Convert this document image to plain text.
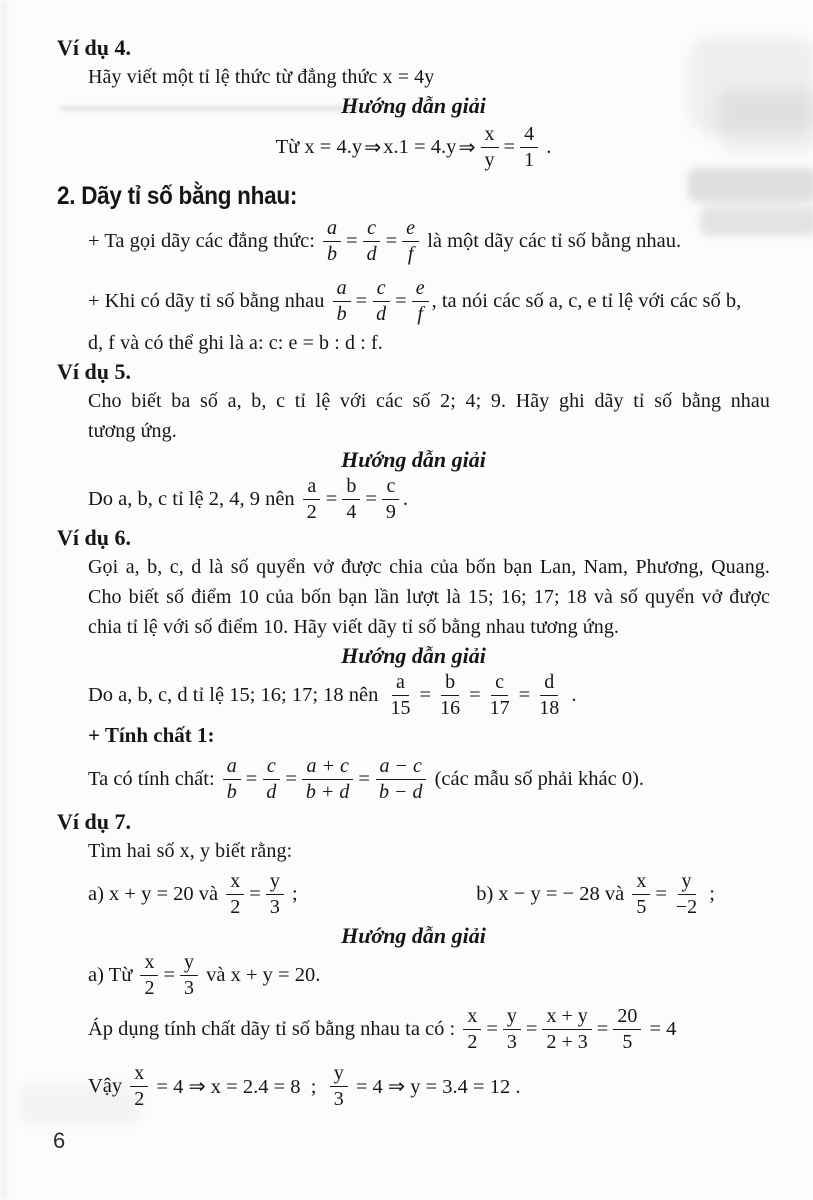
Ví dụ 4.
Hãy viết một tỉ lệ thức từ đẳng thức x = 4y
Hướng dẫn giải
Từ x = 4.y ⇒ x.1 = 4.y ⇒ $\frac{x}{y} = \frac{4}{1}$ .
2. Dãy tỉ số bằng nhau:
+ Ta gọi dãy các đẳng thức: $\frac{a}{b} = \frac{c}{d} = \frac{e}{f}$ là một dãy các tỉ số bằng nhau.
+ Khi có dãy tỉ số bằng nhau $\frac{a}{b} = \frac{c}{d} = \frac{e}{f}$ , ta nói các số a, c, e tỉ lệ với các số b,
d, f và có thể ghi là a: c: e = b : d : f.
Ví dụ 5.
Cho biết ba số a, b, c tỉ lệ với các số 2; 4; 9. Hãy ghi dãy tỉ số bằng nhau
tương ứng.
Hướng dẫn giải
Do a, b, c tỉ lệ 2, 4, 9 nên $\frac{a}{2} = \frac{b}{4} = \frac{c}{9}$ .
Ví dụ 6.
Gọi a, b, c, d là số quyển vở được chia của bốn bạn Lan, Nam, Phương, Quang.
Cho biết số điểm 10 của bốn bạn lần lượt là 15; 16; 17; 18 và số quyển vở được
chia tỉ lệ với số điểm 10. Hãy viết dãy tỉ số bằng nhau tương ứng.
Hướng dẫn giải
Do a, b, c, d tỉ lệ 15; 16; 17; 18 nên $\frac{a}{15} = \frac{b}{16} = \frac{c}{17} = \frac{d}{18}$ .
+ Tính chất 1:
Ta có tính chất: $\frac{a}{b} = \frac{c}{d} = \frac{a + c}{b + d} = \frac{a - c}{b - d}$ (các mẫu số phải khác 0).
Ví dụ 7.
Tìm hai số x, y biết rằng:
a) x + y = 20 và $\frac{x}{2} = \frac{y}{3}$ ;	b) x − y = − 28 và $\frac{x}{5} = \frac{y}{-2}$ ;
Hướng dẫn giải
a) Từ $\frac{x}{2} = \frac{y}{3}$ và x + y = 20.
Áp dụng tính chất dãy tỉ số bằng nhau ta có : $\frac{x}{2} = \frac{y}{3} = \frac{x + y}{2 + 3} = \frac{20}{5} = 4$
Vậy $\frac{x}{2} = 4$ ⇒ x = 2.4 = 8  ; $\frac{y}{3} = 4$ ⇒ y = 3.4 = 12 .
6
